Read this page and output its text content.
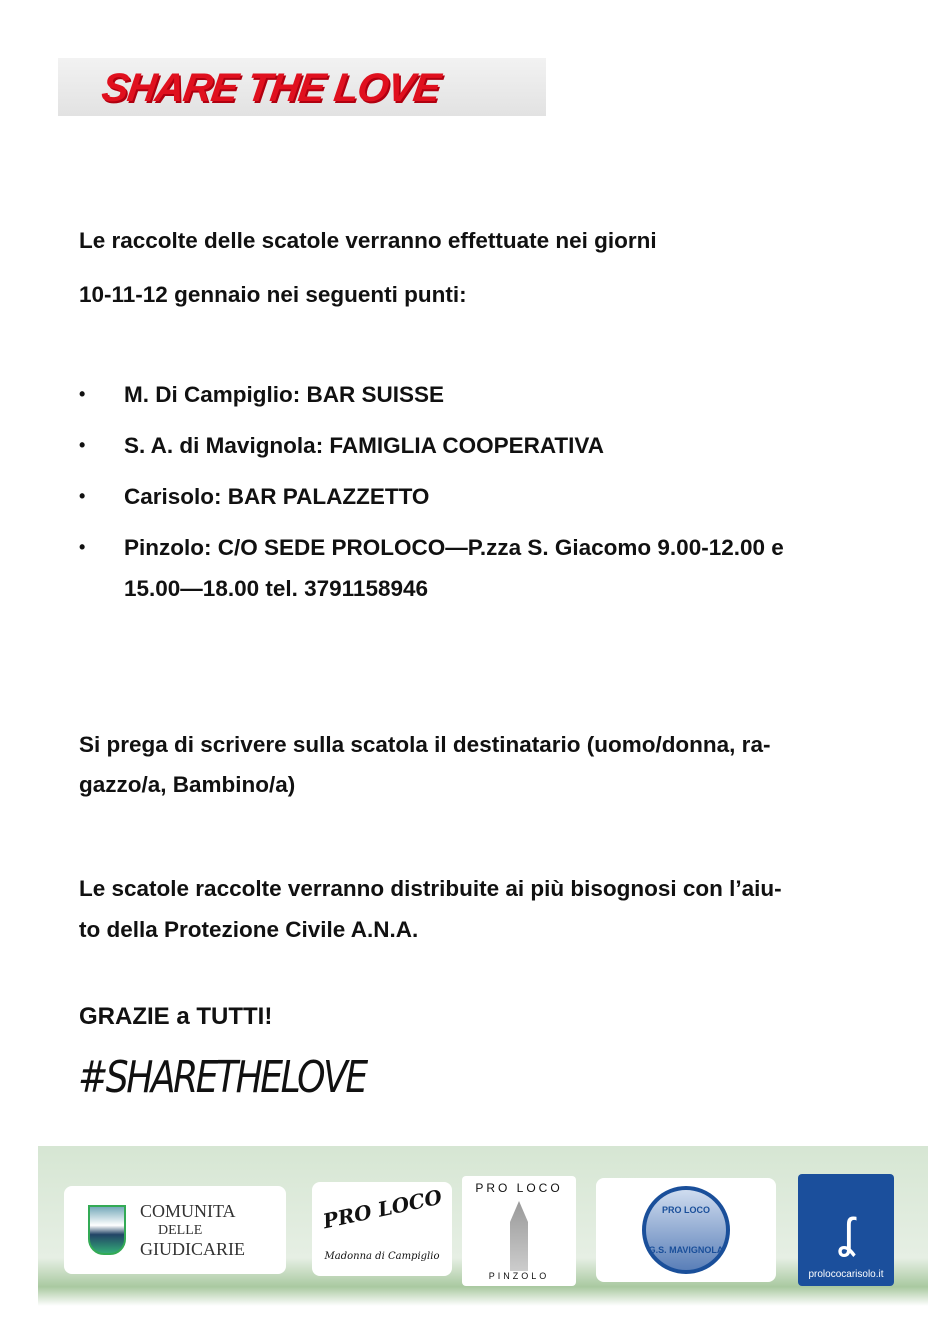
SHARE THE LOVE
Le raccolte delle scatole verranno effettuate nei giorni
10-11-12 gennaio nei seguenti punti:
• M. Di Campiglio: BAR SUISSE
• S. A. di Mavignola: FAMIGLIA COOPERATIVA
• Carisolo: BAR PALAZZETTO
• Pinzolo: C/O SEDE PROLOCO—P.zza S. Giacomo 9.00-12.00 e
15.00—18.00 tel. 3791158946
Si prega di scrivere sulla scatola il destinatario (uomo/donna, ra-
gazzo/a, Bambino/a)
Le scatole raccolte verranno distribuite ai più bisognosi con l’aiu-
to della Protezione Civile A.N.A.
GRAZIE a TUTTI!
#SHARETHELOVE
COMUNITA
DELLE
GIUDICARIE
PRO LOCO
Madonna di Campiglio
PRO LOCO
PINZOLO
PRO LOCO
G.S. MAVIGNOLA	ʆ
prolococarisolo.it
